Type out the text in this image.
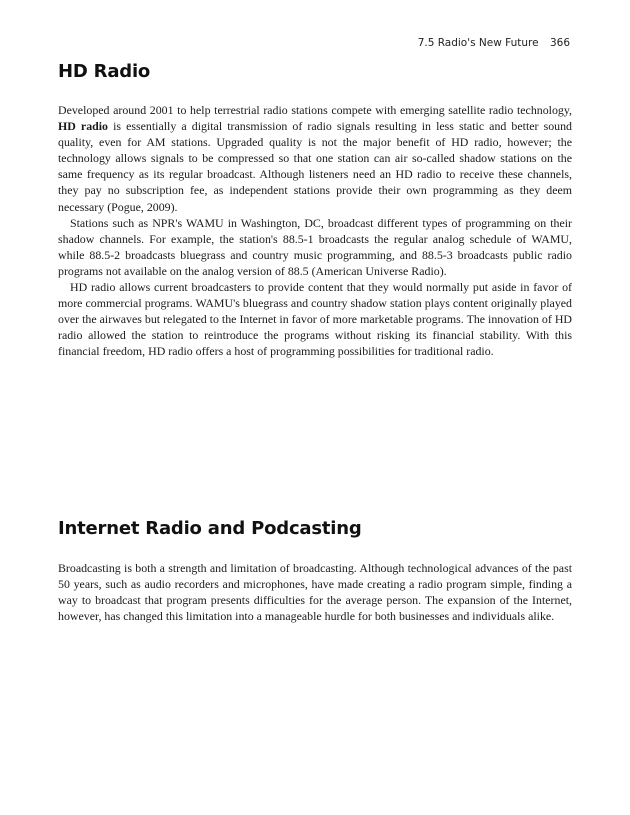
7.5 Radio's New Future 366
HD Radio

Developed around 2001 to help terrestrial radio stations compete with emerging satellite radio technology, HD radio is essentially a digital transmission of radio signals resulting in less static and better sound quality, even for AM stations. Upgraded quality is not the major benefit of HD radio, however; the technology allows signals to be compressed so that one station can air so-called shadow stations on the same frequency as its regular broadcast. Although listeners need an HD radio to receive these channels, they pay no subscription fee, as independent stations provide their own programming as they deem necessary (Pogue, 2009).

Stations such as NPR's WAMU in Washington, DC, broadcast different types of programming on their shadow channels. For example, the station's 88.5-1 broadcasts the regular analog schedule of WAMU, while 88.5-2 broadcasts bluegrass and country music programming, and 88.5-3 broadcasts public radio programs not available on the analog version of 88.5 (American Universe Radio).

HD radio allows current broadcasters to provide content that they would normally put aside in favor of more commercial programs. WAMU's bluegrass and country shadow station plays content originally played over the airwaves but relegated to the Internet in favor of more marketable programs. The innovation of HD radio allowed the station to reintroduce the programs without risking its financial stability. With this financial freedom, HD radio offers a host of programming possibilities for traditional radio.

Internet Radio and Podcasting

Broadcasting is both a strength and limitation of broadcasting. Although technological advances of the past 50 years, such as audio recorders and microphones, have made creating a radio program simple, finding a way to broadcast that program presents difficulties for the average person. The expansion of the Internet, however, has changed this limitation into a manageable hurdle for both businesses and individuals alike.
